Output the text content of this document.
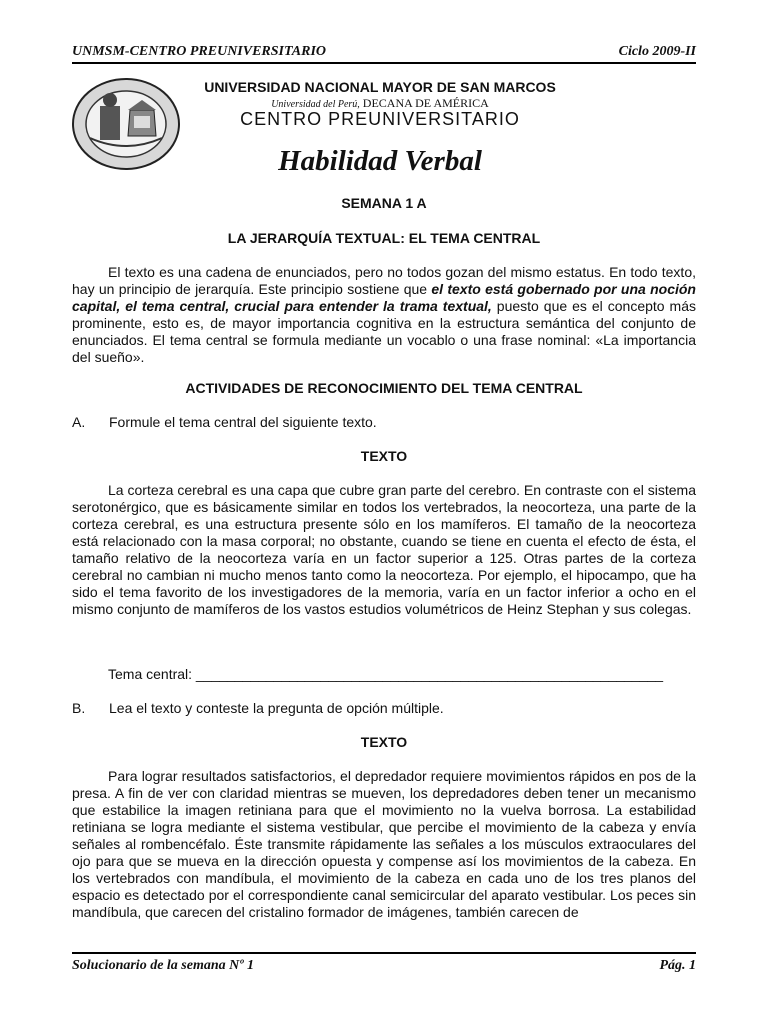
UNMSM-CENTRO PREUNIVERSITARIO	Ciclo 2009-II
UNIVERSIDAD NACIONAL MAYOR DE SAN MARCOS
Universidad del Perú, DECANA DE AMÉRICA
CENTRO PREUNIVERSITARIO
Habilidad Verbal
SEMANA 1 A
LA JERARQUÍA TEXTUAL: EL TEMA CENTRAL

El texto es una cadena de enunciados, pero no todos gozan del mismo estatus. En todo texto, hay un principio de jerarquía. Este principio sostiene que el texto está gobernado por una noción capital, el tema central, crucial para entender la trama textual, puesto que es el concepto más prominente, esto es, de mayor importancia cognitiva en la estructura semántica del conjunto de enunciados. El tema central se formula mediante un vocablo o una frase nominal: «La importancia del sueño».

ACTIVIDADES DE RECONOCIMIENTO DEL TEMA CENTRAL
A. Formule el tema central del siguiente texto.
TEXTO

La corteza cerebral es una capa que cubre gran parte del cerebro. En contraste con el sistema serotonérgico, que es básicamente similar en todos los vertebrados, la neocorteza, una parte de la corteza cerebral, es una estructura presente sólo en los mamíferos. El tamaño de la neocorteza está relacionado con la masa corporal; no obstante, cuando se tiene en cuenta el efecto de ésta, el tamaño relativo de la neocorteza varía en un factor superior a 125. Otras partes de la corteza cerebral no cambian ni mucho menos tanto como la neocorteza. Por ejemplo, el hipocampo, que ha sido el tema favorito de los investigadores de la memoria, varía en un factor inferior a ocho en el mismo conjunto de mamíferos de los vastos estudios volumétricos de Heinz Stephan y sus colegas.

Tema central: ____________________________________________________________
B. Lea el texto y conteste la pregunta de opción múltiple.
TEXTO

Para lograr resultados satisfactorios, el depredador requiere movimientos rápidos en pos de la presa. A fin de ver con claridad mientras se mueven, los depredadores deben tener un mecanismo que estabilice la imagen retiniana para que el movimiento no la vuelva borrosa. La estabilidad retiniana se logra mediante el sistema vestibular, que percibe el movimiento de la cabeza y envía señales al rombencéfalo. Éste transmite rápidamente las señales a los músculos extraoculares del ojo para que se mueva en la dirección opuesta y compense así los movimientos de la cabeza. En los vertebrados con mandíbula, el movimiento de la cabeza en cada uno de los tres planos del espacio es detectado por el correspondiente canal semicircular del aparato vestibular. Los peces sin mandíbula, que carecen del cristalino formador de imágenes, también carecen de

Solucionario de la semana Nº 1	Pág. 1
